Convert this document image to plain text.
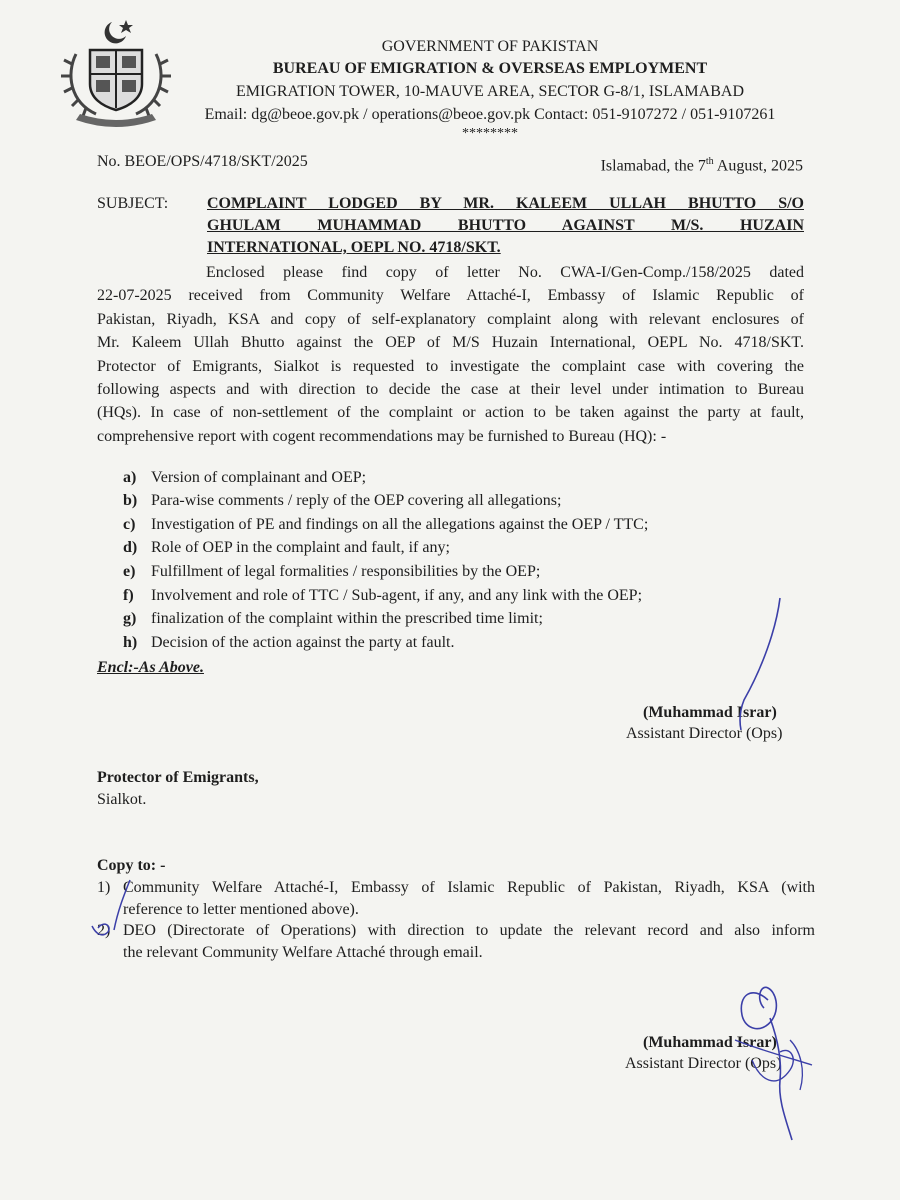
GOVERNMENT OF PAKISTAN
BUREAU OF EMIGRATION & OVERSEAS EMPLOYMENT
EMIGRATION TOWER, 10-MAUVE AREA, SECTOR G-8/1, ISLAMABAD
Email: dg@beoe.gov.pk / operations@beoe.gov.pk Contact: 051-9107272 / 051-9107261
********
No. BEOE/OPS/4718/SKT/2025	Islamabad, the 7th August, 2025
SUBJECT: COMPLAINT LODGED BY MR. KALEEM ULLAH BHUTTO S/O
GHULAM MUHAMMAD BHUTTO AGAINST M/S. HUZAIN
INTERNATIONAL, OEPL NO. 4718/SKT.
Enclosed please find copy of letter No. CWA-I/Gen-Comp./158/2025 dated
22-07-2025 received from Community Welfare Attaché-I, Embassy of Islamic Republic of
Pakistan, Riyadh, KSA and copy of self-explanatory complaint along with relevant enclosures of
Mr. Kaleem Ullah Bhutto against the OEP of M/S Huzain International, OEPL No. 4718/SKT.
Protector of Emigrants, Sialkot is requested to investigate the complaint case with covering the
following aspects and with direction to decide the case at their level under intimation to Bureau
(HQs). In case of non-settlement of the complaint or action to be taken against the party at fault,
comprehensive report with cogent recommendations may be furnished to Bureau (HQ): -
a) Version of complainant and OEP;
b) Para-wise comments / reply of the OEP covering all allegations;
c) Investigation of PE and findings on all the allegations against the OEP / TTC;
d) Role of OEP in the complaint and fault, if any;
e) Fulfillment of legal formalities / responsibilities by the OEP;
f) Involvement and role of TTC / Sub-agent, if any, and any link with the OEP;
g) finalization of the complaint within the prescribed time limit;
h) Decision of the action against the party at fault.
Encl:-As Above.
(Muhammad Israr)
Assistant Director (Ops)
Protector of Emigrants,
Sialkot.
Copy to: -
1) Community Welfare Attaché-I, Embassy of Islamic Republic of Pakistan, Riyadh, KSA (with
reference to letter mentioned above).
2) DEO (Directorate of Operations) with direction to update the relevant record and also inform
the relevant Community Welfare Attaché through email.
(Muhammad Israr)
Assistant Director (Ops)
